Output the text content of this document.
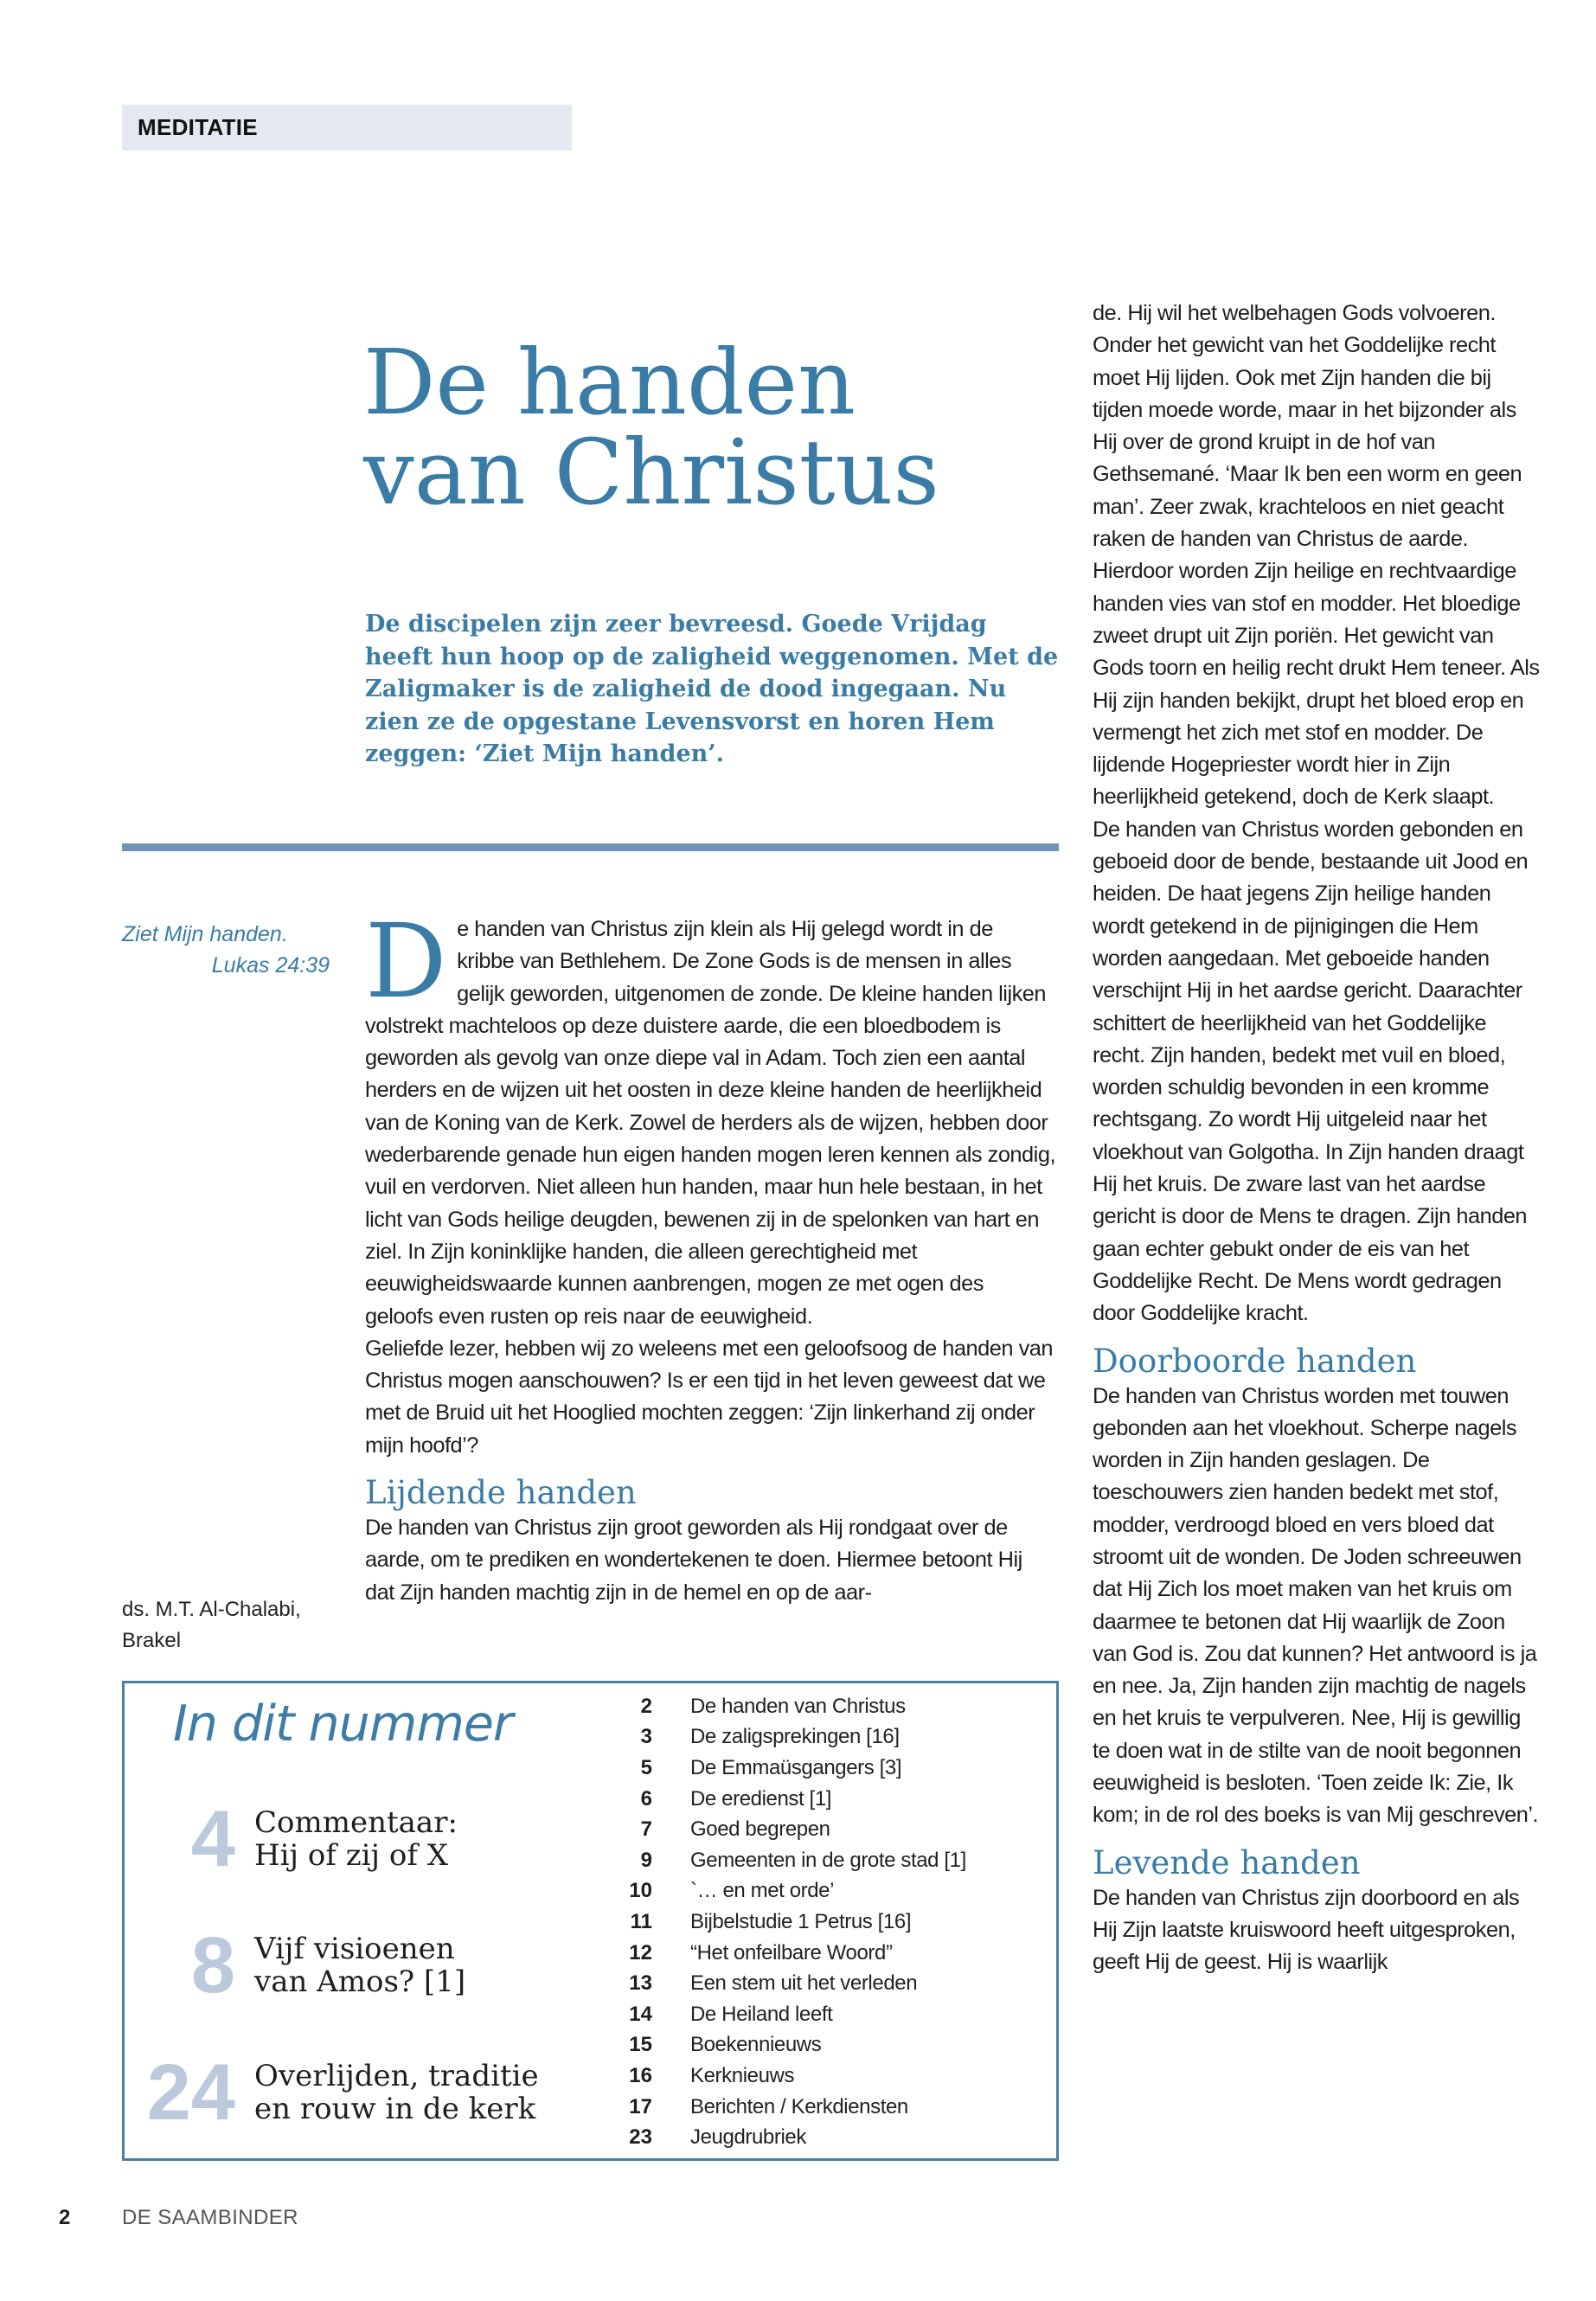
MEDITATIE
De handen
van Christus

De discipelen zijn zeer bevreesd. Goede Vrijdag heeft hun hoop op de zaligheid weggenomen. Met de Zaligmaker is de zaligheid de dood ingegaan. Nu zien ze de opgestane Levensvorst en horen Hem zeggen: ‘Ziet Mijn handen’.

Ziet Mijn handen.
Lukas 24:39
ds. M.T. Al-Chalabi,
Brakel

De handen van Christus zijn klein als Hij gelegd wordt in de kribbe van Bethlehem. De Zone Gods is de mensen in alles gelijk geworden, uitgenomen de zonde. De kleine handen lijken volstrekt machteloos op deze duistere aarde, die een bloedbodem is geworden als gevolg van onze diepe val in Adam. Toch zien een aantal herders en de wijzen uit het oosten in deze kleine handen de heerlijkheid van de Koning van de Kerk. Zowel de herders als de wijzen, hebben door wederbarende genade hun eigen handen mogen leren kennen als zondig, vuil en verdorven. Niet alleen hun handen, maar hun hele bestaan, in het licht van Gods heilige deugden, bewenen zij in de spelonken van hart en ziel. In Zijn koninklijke handen, die alleen gerechtigheid met eeuwigheidswaarde kunnen aanbrengen, mogen ze met ogen des geloofs even rusten op reis naar de eeuwigheid.

Geliefde lezer, hebben wij zo weleens met een geloofsoog de handen van Christus mogen aanschouwen? Is er een tijd in het leven geweest dat we met de Bruid uit het Hooglied mochten zeggen: ‘Zijn linkerhand zij onder mijn hoofd’?

Lijdende handen

De handen van Christus zijn groot geworden als Hij rondgaat over de aarde, om te prediken en wondertekenen te doen. Hiermee betoont Hij dat Zijn handen machtig zijn in de hemel en op de aar-

de. Hij wil het welbehagen Gods volvoeren. Onder het gewicht van het Goddelijke recht moet Hij lijden. Ook met Zijn handen die bij tijden moede worde, maar in het bijzonder als Hij over de grond kruipt in de hof van Gethsemané. ‘Maar Ik ben een worm en geen man’. Zeer zwak, krachteloos en niet geacht raken de handen van Christus de aarde. Hierdoor worden Zijn heilige en rechtvaardige handen vies van stof en modder. Het bloedige zweet drupt uit Zijn poriën. Het gewicht van Gods toorn en heilig recht drukt Hem teneer. Als Hij zijn handen bekijkt, drupt het bloed erop en vermengt het zich met stof en modder. De lijdende Hogepriester wordt hier in Zijn heerlijkheid getekend, doch de Kerk slaapt.

De handen van Christus worden gebonden en geboeid door de bende, bestaande uit Jood en heiden. De haat jegens Zijn heilige handen wordt getekend in de pijnigingen die Hem worden aangedaan. Met geboeide handen verschijnt Hij in het aardse gericht. Daarachter schittert de heerlijkheid van het Goddelijke recht. Zijn handen, bedekt met vuil en bloed, worden schuldig bevonden in een kromme rechtsgang. Zo wordt Hij uitgeleid naar het vloekhout van Golgotha. In Zijn handen draagt Hij het kruis. De zware last van het aardse gericht is door de Mens te dragen. Zijn handen gaan echter gebukt onder de eis van het Goddelijke Recht. De Mens wordt gedragen door Goddelijke kracht.

Doorboorde handen

De handen van Christus worden met touwen gebonden aan het vloekhout. Scherpe nagels worden in Zijn handen geslagen. De toeschouwers zien handen bedekt met stof, modder, verdroogd bloed en vers bloed dat stroomt uit de wonden. De Joden schreeuwen dat Hij Zich los moet maken van het kruis om daarmee te betonen dat Hij waarlijk de Zoon van God is. Zou dat kunnen? Het antwoord is ja en nee. Ja, Zijn handen zijn machtig de nagels en het kruis te verpulveren. Nee, Hij is gewillig te doen wat in de stilte van de nooit begonnen eeuwigheid is besloten. ‘Toen zeide Ik: Zie, Ik kom; in de rol des boeks is van Mij geschreven’.

Levende handen

De handen van Christus zijn doorboord en als Hij Zijn laatste kruiswoord heeft uitgesproken, geeft Hij de geest. Hij is waarlijk

In dit nummer
4 Commentaar:
Hij of zij of X
8 Vijf visioenen
van Amos? [1]
24 Overlijden, traditie
en rouw in de kerk
2 De handen van Christus
3 De zaligsprekingen [16]
5 De Emmaüsgangers [3]
6 De eredienst [1]
7 Goed begrepen
9 Gemeenten in de grote stad [1]
10 `… en met orde’
11 Bijbelstudie 1 Petrus [16]
12 “Het onfeilbare Woord”
13 Een stem uit het verleden
14 De Heiland leeft
15 Boekennieuws
16 Kerknieuws
17 Berichten / Kerkdiensten
23 Jeugdrubriek
2 DE SAAMBINDER
